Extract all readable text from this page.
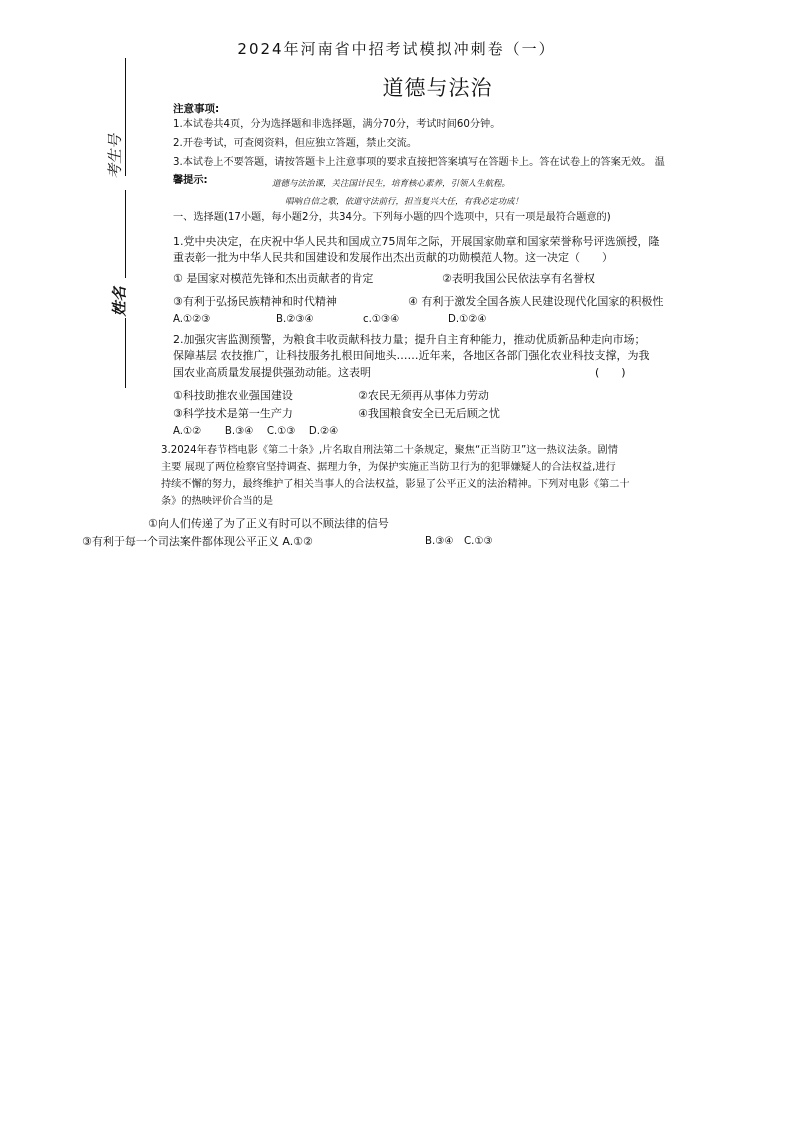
2024年河南省中招考试模拟冲刺卷（一）
道德与法治
考生号
姓名
注意事项:
1.本试卷共4页，分为选择题和非选择题，满分70分，考试时间60分钟。
2.开卷考试，可查阅资料，但应独立答题，禁止交流。
3.本试卷上不要答题，请按答题卡上注意事项的要求直接把答案填写在答题卡上。答在试卷上的答案无效。 温
馨提示:	道德与法治课，关注国计民生，培育核心素养，引领人生航程。
唱响自信之歌，依道守法前行，担当复兴大任，有我必定功成！
一、选择题(17小题，每小题2分，共34分。下列每小题的四个选项中，只有一项是最符合题意的)
1.党中央决定，在庆祝中华人民共和国成立75周年之际，开展国家勋章和国家荣誉称号评选颁授，隆
重表彰一批为中华人民共和国建设和发展作出杰出贡献的功勋模范人物。这一决定（　　）
① 是国家对模范先锋和杰出贡献者的肯定	②表明我国公民依法享有名誉权
③有利于弘扬民族精神和时代精神	④ 有利于激发全国各族人民建设现代化国家的积极性
A.①②③	B.②③④	c.①③④	D.①②④
2.加强灾害监测预警，为粮食丰收贡献科技力量；提升自主育种能力，推动优质新品种走向市场；
保障基层 农技推广，让科技服务扎根田间地头……近年来，各地区各部门强化农业科技支撑，为我
国农业高质量发展提供强劲动能。这表明	(　　)
①科技助推农业强国建设	②农民无须再从事体力劳动
③科学技术是第一生产力	④我国粮食安全已无后顾之忧
A.①②　　 B.③④　 C.①③　 D.②④
3.2024年春节档电影《第二十条》,片名取自刑法第二十条规定，聚焦“正当防卫”这一热议法条。剧情
主要 展现了两位检察官坚持调查、据理力争，为保护实施正当防卫行为的犯罪嫌疑人的合法权益,进行
持续不懈的努力，最终维护了相关当事人的合法权益，影显了公平正义的法治精神。下列对电影《第二十
条》的热映评价合当的是
①向人们传递了为了正义有时可以不顾法律的信号
③有利于每一个司法案件都体现公平正义 A.①②	B.③④ C.①③
